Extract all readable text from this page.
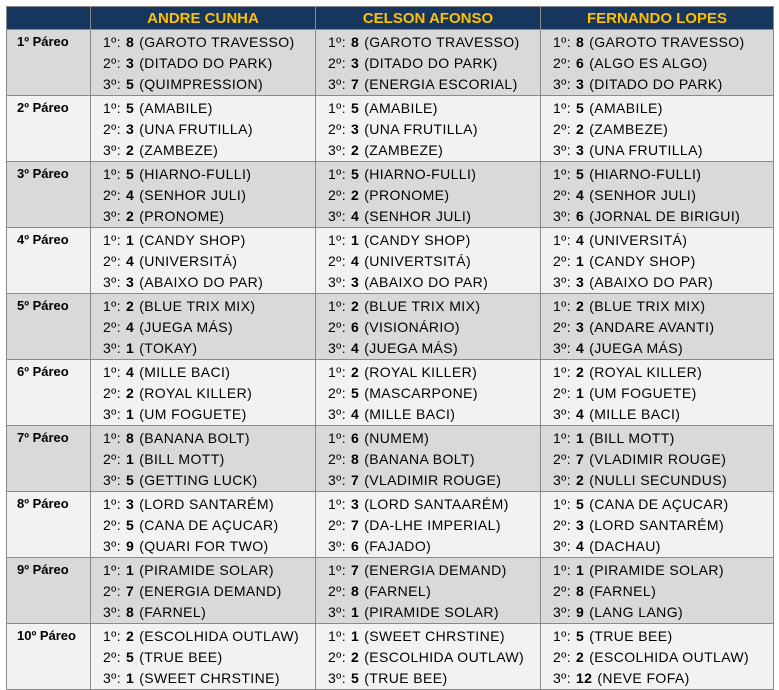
	ANDRE CUNHA	CELSON AFONSO	FERNANDO LOPES
1º Páreo	1º: 8 (GAROTO TRAVESSO)
2º: 3 (DITADO DO PARK)
3º: 5 (QUIMPRESSION)	1º: 8 (GAROTO TRAVESSO)
2º: 3 (DITADO DO PARK)
3º: 7 (ENERGIA ESCORIAL)	1º: 8 (GAROTO TRAVESSO)
2º: 6 (ALGO ES ALGO)
3º: 3 (DITADO DO PARK)

2º Páreo	1º: 5 (AMABILE)
2º: 3 (UNA FRUTILLA)
3º: 2 (ZAMBEZE)	1º: 5 (AMABILE)
2º: 3 (UNA FRUTILLA)
3º: 2 (ZAMBEZE)	1º: 5 (AMABILE)
2º: 2 (ZAMBEZE)
3º: 3 (UNA FRUTILLA)

3º Páreo	1º: 5 (HIARNO-FULLI)
2º: 4 (SENHOR JULI)
3º: 2 (PRONOME)	1º: 5 (HIARNO-FULLI)
2º: 2 (PRONOME)
3º: 4 (SENHOR JULI)	1º: 5 (HIARNO-FULLI)
2º: 4 (SENHOR JULI)
3º: 6 (JORNAL DE BIRIGUI)

4º Páreo	1º: 1 (CANDY SHOP)
2º: 4 (UNIVERSITÁ)
3º: 3 (ABAIXO DO PAR)	1º: 1 (CANDY SHOP)
2º: 4 (UNIVERTSITÁ)
3º: 3 (ABAIXO DO PAR)	1º: 4 (UNIVERSITÁ)
2º: 1 (CANDY SHOP)
3º: 3 (ABAIXO DO PAR)

5º Páreo	1º: 2 (BLUE TRIX MIX)
2º: 4 (JUEGA MÁS)
3º: 1 (TOKAY)	1º: 2 (BLUE TRIX MIX)
2º: 6 (VISIONÁRIO)
3º: 4 (JUEGA MÁS)	1º: 2 (BLUE TRIX MIX)
2º: 3 (ANDARE AVANTI)
3º: 4 (JUEGA MÁS)

6º Páreo	1º: 4 (MILLE BACI)
2º: 2 (ROYAL KILLER)
3º: 1 (UM FOGUETE)	1º: 2 (ROYAL KILLER)
2º: 5 (MASCARPONE)
3º: 4 (MILLE BACI)	1º: 2 (ROYAL KILLER)
2º: 1 (UM FOGUETE)
3º: 4 (MILLE BACI)

7º Páreo	1º: 8 (BANANA BOLT)
2º: 1 (BILL MOTT)
3º: 5 (GETTING LUCK)	1º: 6 (NUMEM)
2º: 8 (BANANA BOLT)
3º: 7 (VLADIMIR ROUGE)	1º: 1 (BILL MOTT)
2º: 7 (VLADIMIR ROUGE)
3º: 2 (NULLI SECUNDUS)

8º Páreo	1º: 3 (LORD SANTARÉM)
2º: 5 (CANA DE AÇUCAR)
3º: 9 (QUARI FOR TWO)	1º: 3 (LORD SANTAARÉM)
2º: 7 (DA-LHE IMPERIAL)
3º: 6 (FAJADO)	1º: 5 (CANA DE AÇUCAR)
2º: 3 (LORD SANTARÉM)
3º: 4 (DACHAU)

9º Páreo	1º: 1 (PIRAMIDE SOLAR)
2º: 7 (ENERGIA DEMAND)
3º: 8 (FARNEL)	1º: 7 (ENERGIA DEMAND)
2º: 8 (FARNEL)
3º: 1 (PIRAMIDE SOLAR)	1º: 1 (PIRAMIDE SOLAR)
2º: 8 (FARNEL)
3º: 9 (LANG LANG)

10º Páreo	1º: 2 (ESCOLHIDA OUTLAW)
2º: 5 (TRUE BEE)
3º: 1 (SWEET CHRSTINE)	1º: 1 (SWEET CHRSTINE)
2º: 2 (ESCOLHIDA OUTLAW)
3º: 5 (TRUE BEE)	1º: 5 (TRUE BEE)
2º: 2 (ESCOLHIDA OUTLAW)
3º: 12 (NEVE FOFA)
